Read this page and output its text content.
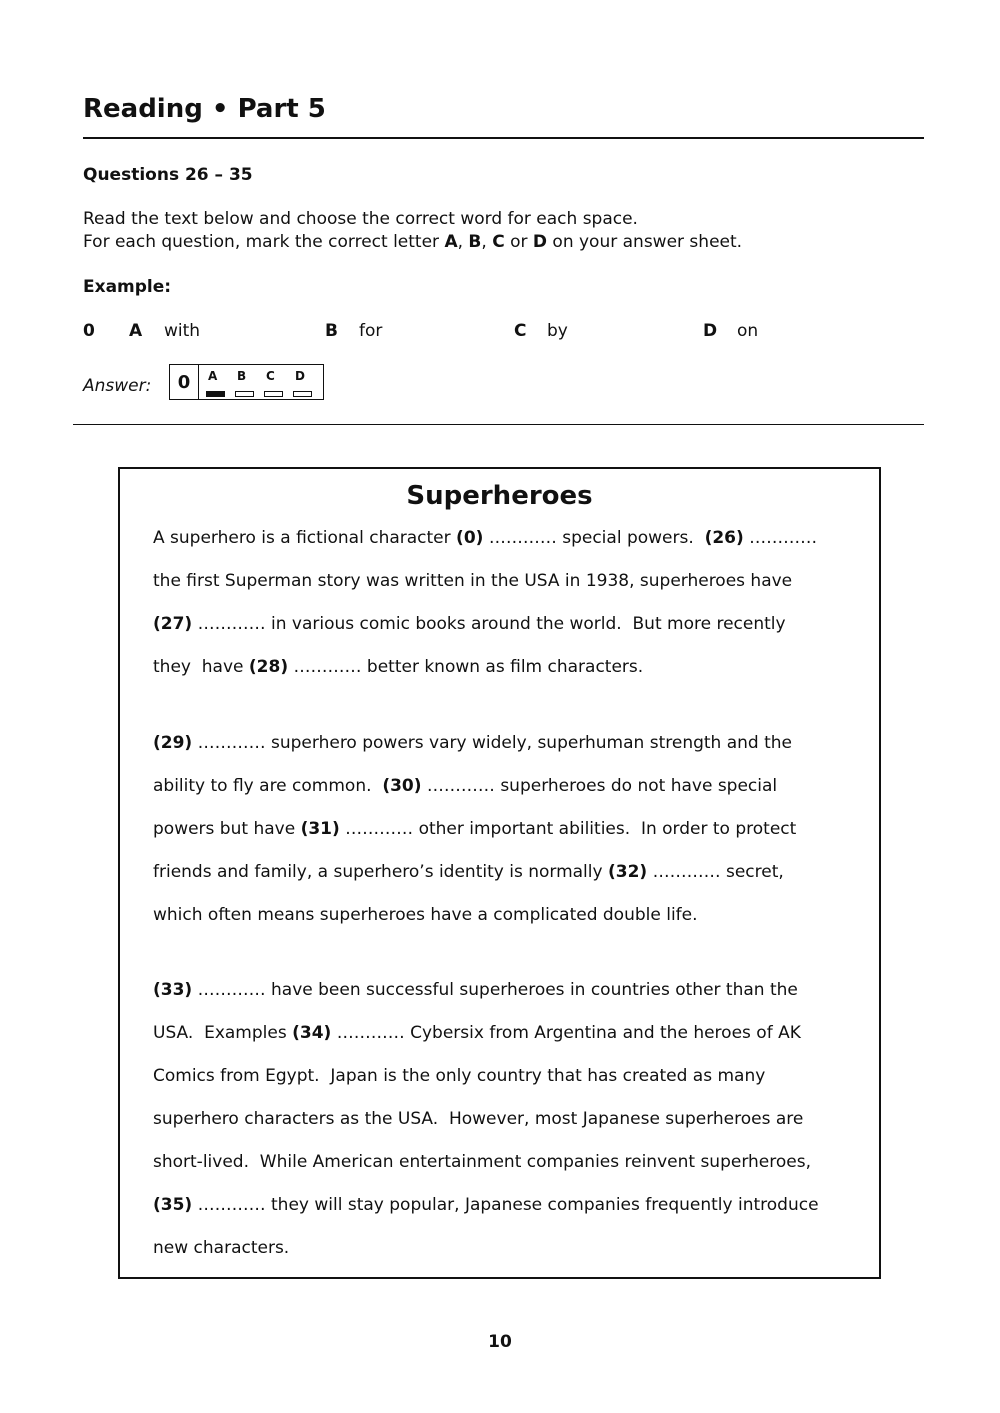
Reading • Part 5
Questions 26 – 35
Read the text below and choose the correct word for each space.
For each question, mark the correct letter A, B, C or D on your answer sheet.
Example:
0 A with	B for	C by	D on
Answer:	0	A B C D
Superheroes
A superhero is a fictional character (0) ………… special powers.  (26) …………
the first Superman story was written in the USA in 1938, superheroes have
(27) ………… in various comic books around the world.  But more recently
they  have (28) ………… better known as film characters.
(29) ………… superhero powers vary widely, superhuman strength and the
ability to fly are common.  (30) ………… superheroes do not have special
powers but have (31) ………… other important abilities.  In order to protect
friends and family, a superhero’s identity is normally (32) ………… secret,
which often means superheroes have a complicated double life.
(33) ………… have been successful superheroes in countries other than the
USA.  Examples (34) ………… Cybersix from Argentina and the heroes of AK
Comics from Egypt.  Japan is the only country that has created as many
superhero characters as the USA.  However, most Japanese superheroes are
short-lived.  While American entertainment companies reinvent superheroes,
(35) ………… they will stay popular, Japanese companies frequently introduce
new characters.
10
